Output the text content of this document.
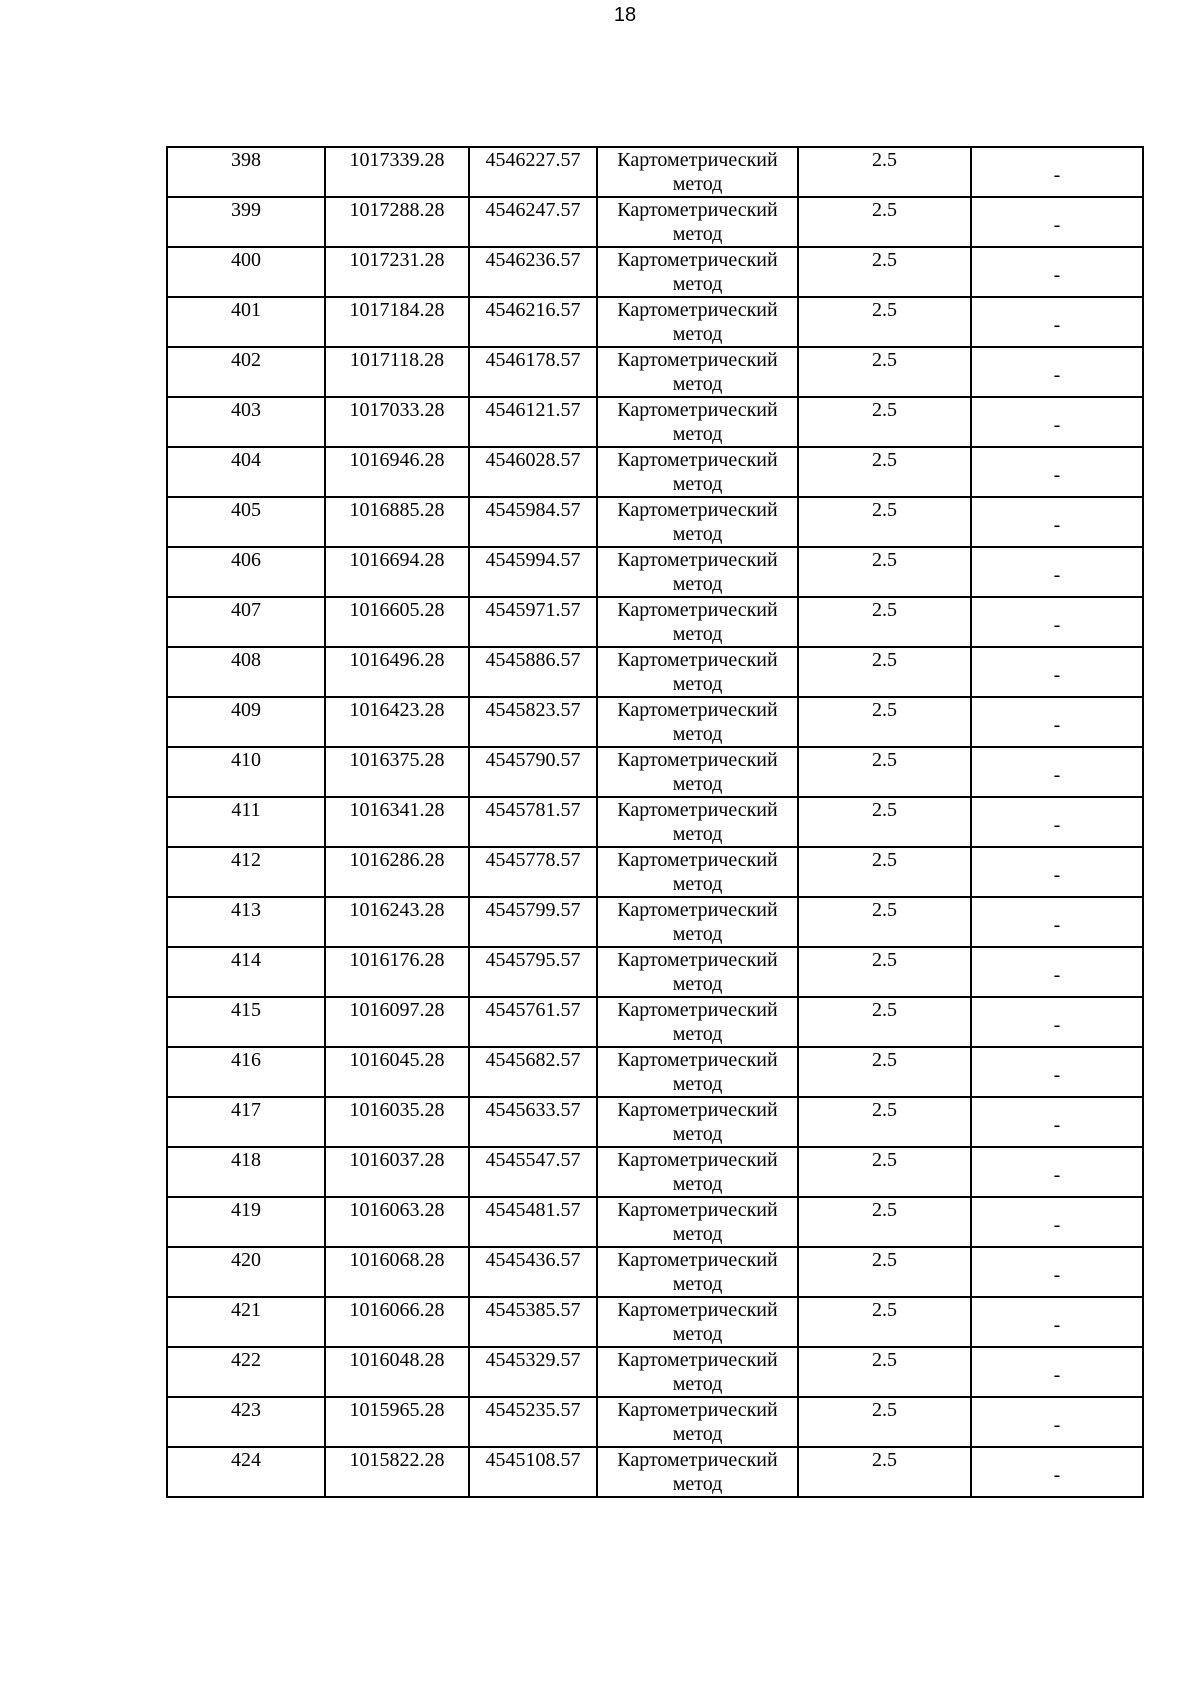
18
398	1017339.28	4546227.57	Картометрический метод	2.5	-

399	1017288.28	4546247.57	Картометрический метод	2.5	-

400	1017231.28	4546236.57	Картометрический метод	2.5	-

401	1017184.28	4546216.57	Картометрический метод	2.5	-

402	1017118.28	4546178.57	Картометрический метод	2.5	-

403	1017033.28	4546121.57	Картометрический метод	2.5	-

404	1016946.28	4546028.57	Картометрический метод	2.5	-

405	1016885.28	4545984.57	Картометрический метод	2.5	-

406	1016694.28	4545994.57	Картометрический метод	2.5	-

407	1016605.28	4545971.57	Картометрический метод	2.5	-

408	1016496.28	4545886.57	Картометрический метод	2.5	-

409	1016423.28	4545823.57	Картометрический метод	2.5	-

410	1016375.28	4545790.57	Картометрический метод	2.5	-

411	1016341.28	4545781.57	Картометрический метод	2.5	-

412	1016286.28	4545778.57	Картометрический метод	2.5	-

413	1016243.28	4545799.57	Картометрический метод	2.5	-

414	1016176.28	4545795.57	Картометрический метод	2.5	-

415	1016097.28	4545761.57	Картометрический метод	2.5	-

416	1016045.28	4545682.57	Картометрический метод	2.5	-

417	1016035.28	4545633.57	Картометрический метод	2.5	-

418	1016037.28	4545547.57	Картометрический метод	2.5	-

419	1016063.28	4545481.57	Картометрический метод	2.5	-

420	1016068.28	4545436.57	Картометрический метод	2.5	-

421	1016066.28	4545385.57	Картометрический метод	2.5	-

422	1016048.28	4545329.57	Картометрический метод	2.5	-

423	1015965.28	4545235.57	Картометрический метод	2.5	-

424	1015822.28	4545108.57	Картометрический метод	2.5	-
